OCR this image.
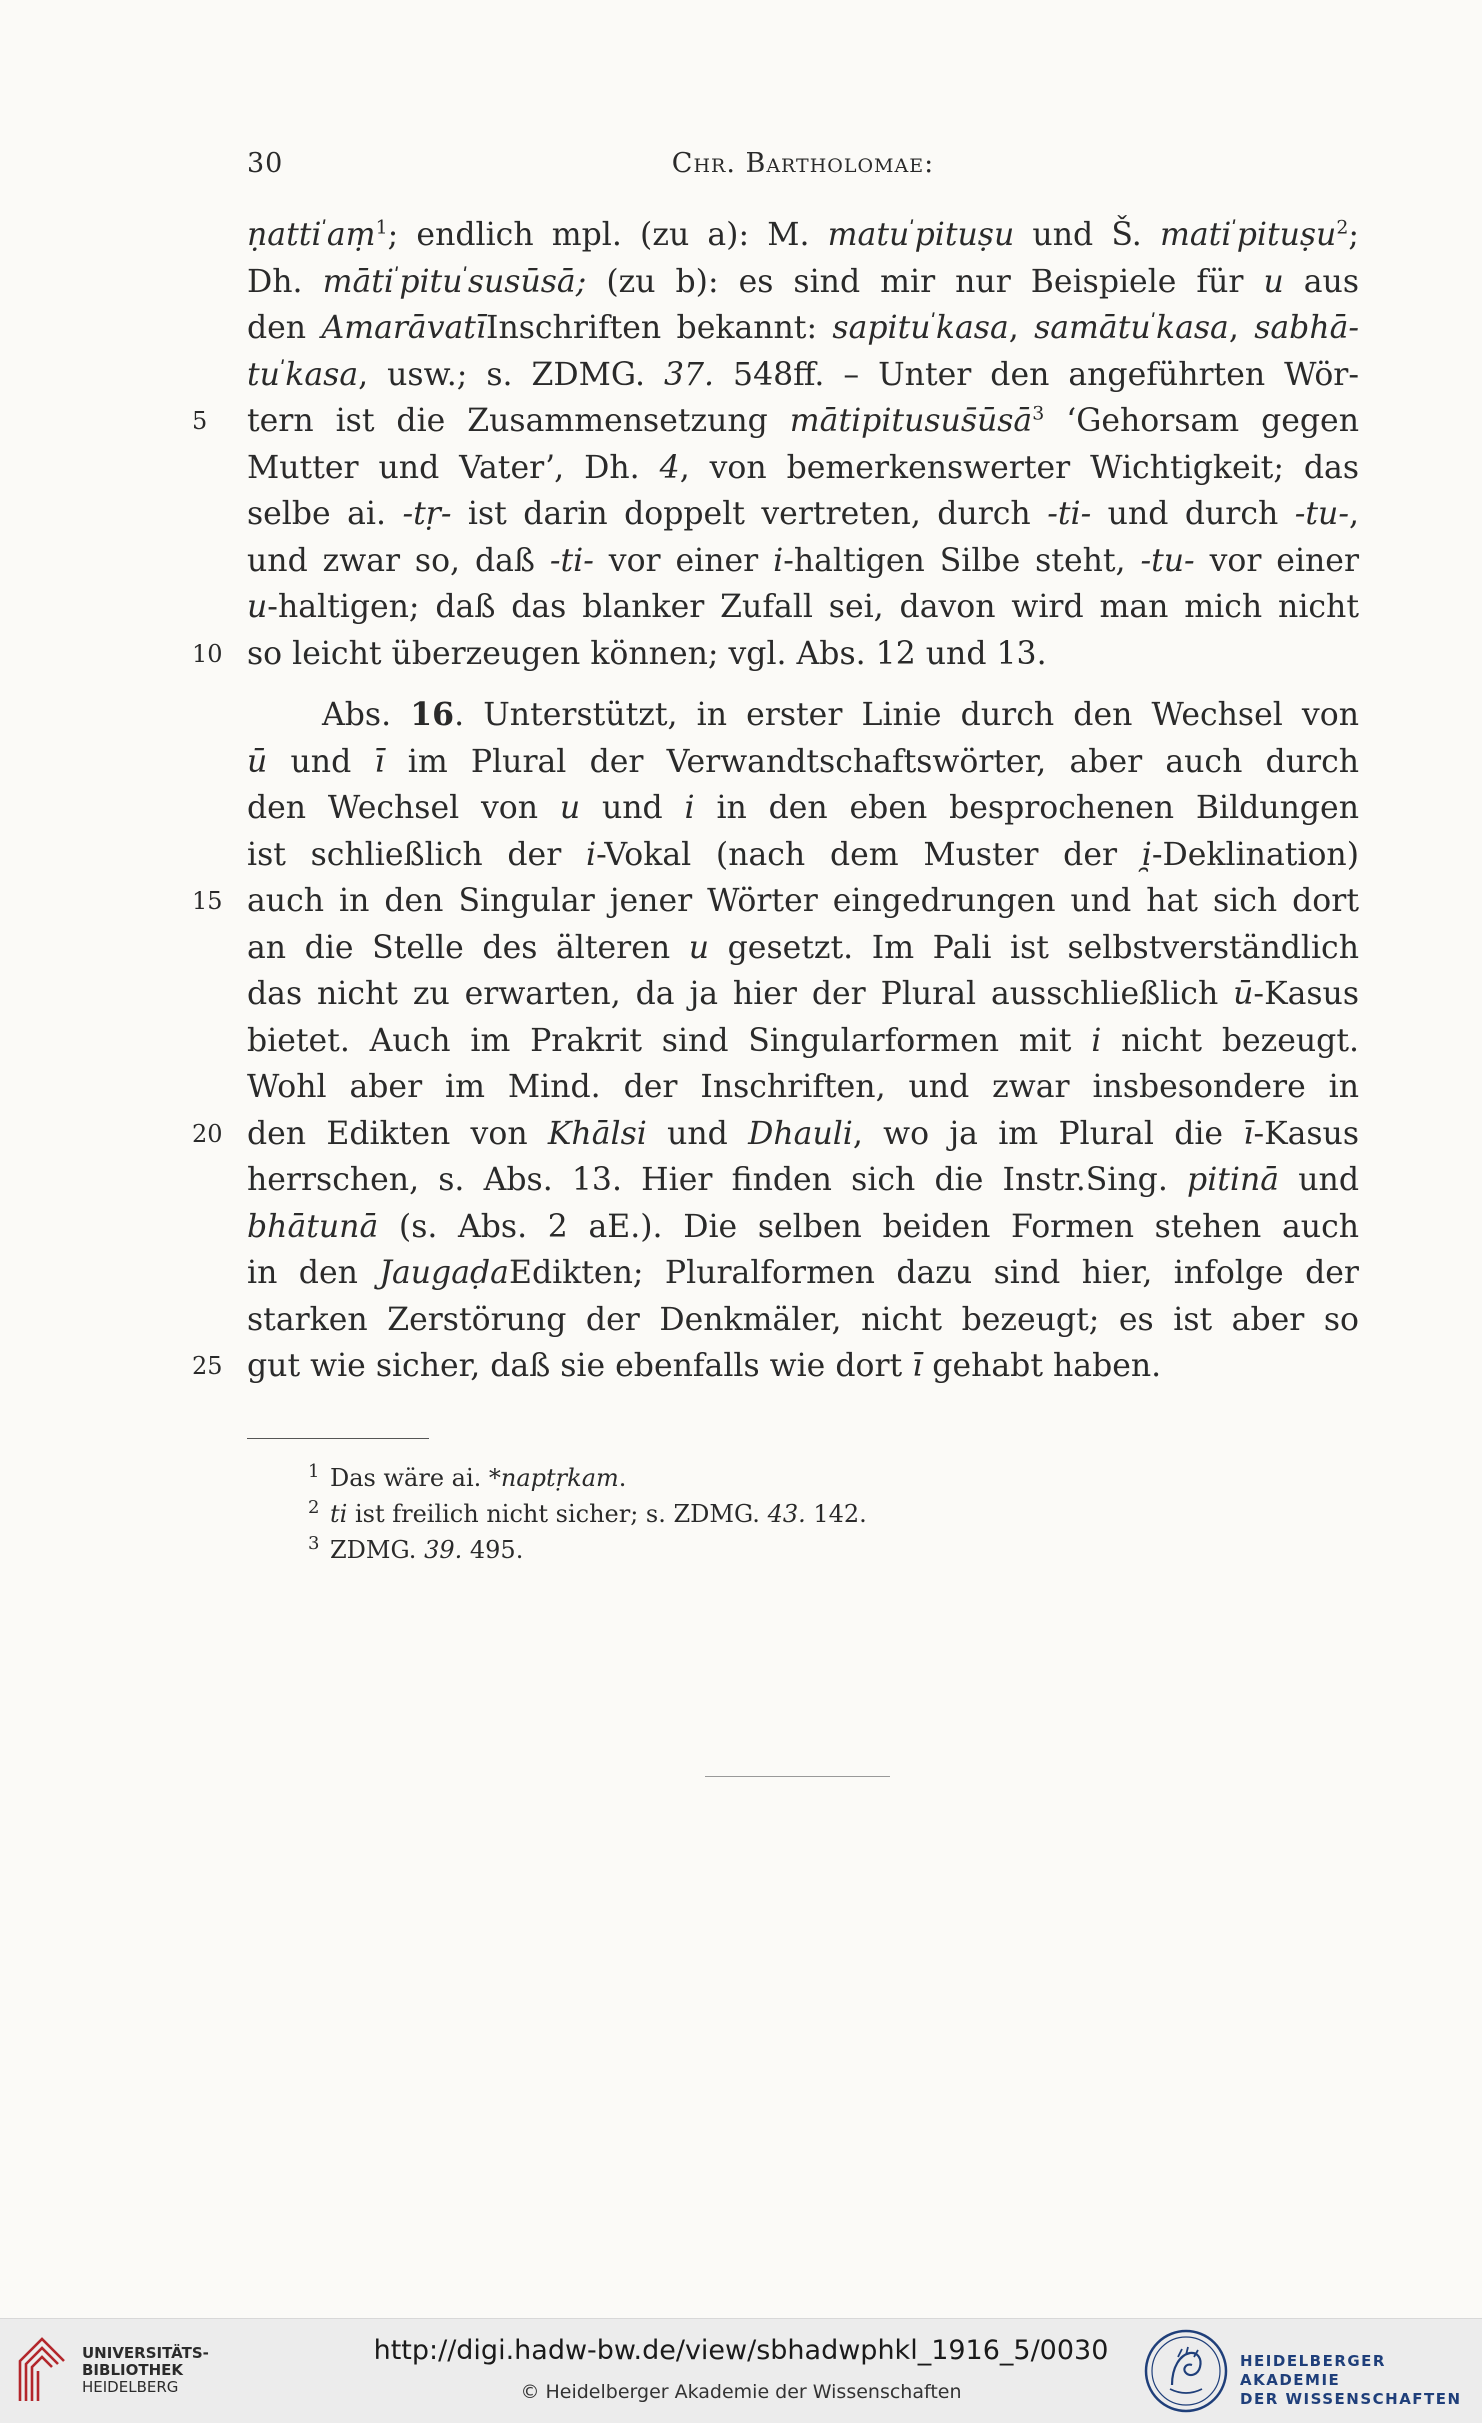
30	Chr. Bartholomae:
ṇatti$^ˈ$aṃ$^1$; endlich mpl. (zu a): M. matu$^ˈ$pituṣu und Š. mati$^ˈ$pituṣu$^2$;
Dh. māti$^ˈ$pitu$^ˈ$susūsā; (zu b): es sind mir nur Beispiele für u aus
den AmarāvatīInschriften bekannt: sapitu$^ˈ$kasa, samātu$^ˈ$kasa, sabhā-
$tu^ˈkasa$, usw.; s. ZDMG. 37. 548ff. – Unter den angeführten Wör-
5	tern ist die Zusammensetzung mātipitusus̄ūsā$^3$ ʻGehorsam gegen
Mutter und Vaterʼ, Dh. 4, von bemerkenswerter Wichtigkeit; das
selbe ai. -tṛ- ist darin doppelt vertreten, durch -ti- und durch -tu-,
und zwar so, daß -ti- vor einer i-haltigen Silbe steht, -tu- vor einer
u-haltigen; daß das blanker Zufall sei, davon wird man mich nicht
10 so leicht überzeugen können; vgl. Abs. 12 und 13.
Abs. 16. Unterstützt, in erster Linie durch den Wechsel von
ū und ī im Plural der Verwandtschaftswörter, aber auch durch
den Wechsel von u und i in den eben besprochenen Bildungen
ist schließlich der i-Vokal (nach dem Muster der i̯-Deklination)
15 auch in den Singular jener Wörter eingedrungen und hat sich dort
an die Stelle des älteren u gesetzt. Im Pali ist selbstverständlich
das nicht zu erwarten, da ja hier der Plural ausschließlich ū-Kasus
bietet. Auch im Prakrit sind Singularformen mit i nicht bezeugt.
Wohl aber im Mind. der Inschriften, und zwar insbesondere in
20 den Edikten von Khālsi und Dhauli, wo ja im Plural die ī-Kasus
herrschen, s. Abs. 13. Hier finden sich die Instr.Sing. pitinā und
bhātunā (s. Abs. 2 aE.). Die selben beiden Formen stehen auch
in den JaugaḍaEdikten; Pluralformen dazu sind hier, infolge der
starken Zerstörung der Denkmäler, nicht bezeugt; es ist aber so
25 gut wie sicher, daß sie ebenfalls wie dort ī gehabt haben.
1 Das wäre ai. *naptṛkam.
2 ti ist freilich nicht sicher; s. ZDMG. 43. 142.
3 ZDMG. 39. 495.
UNIVERSITÄTS-
BIBLIOTHEK
HEIDELBERG
http://digi.hadw-bw.de/view/sbhadwphkl_1916_5/0030
© Heidelberger Akademie der Wissenschaften
HEIDELBERGER AKADEMIE
DER WISSENSCHAFTEN
